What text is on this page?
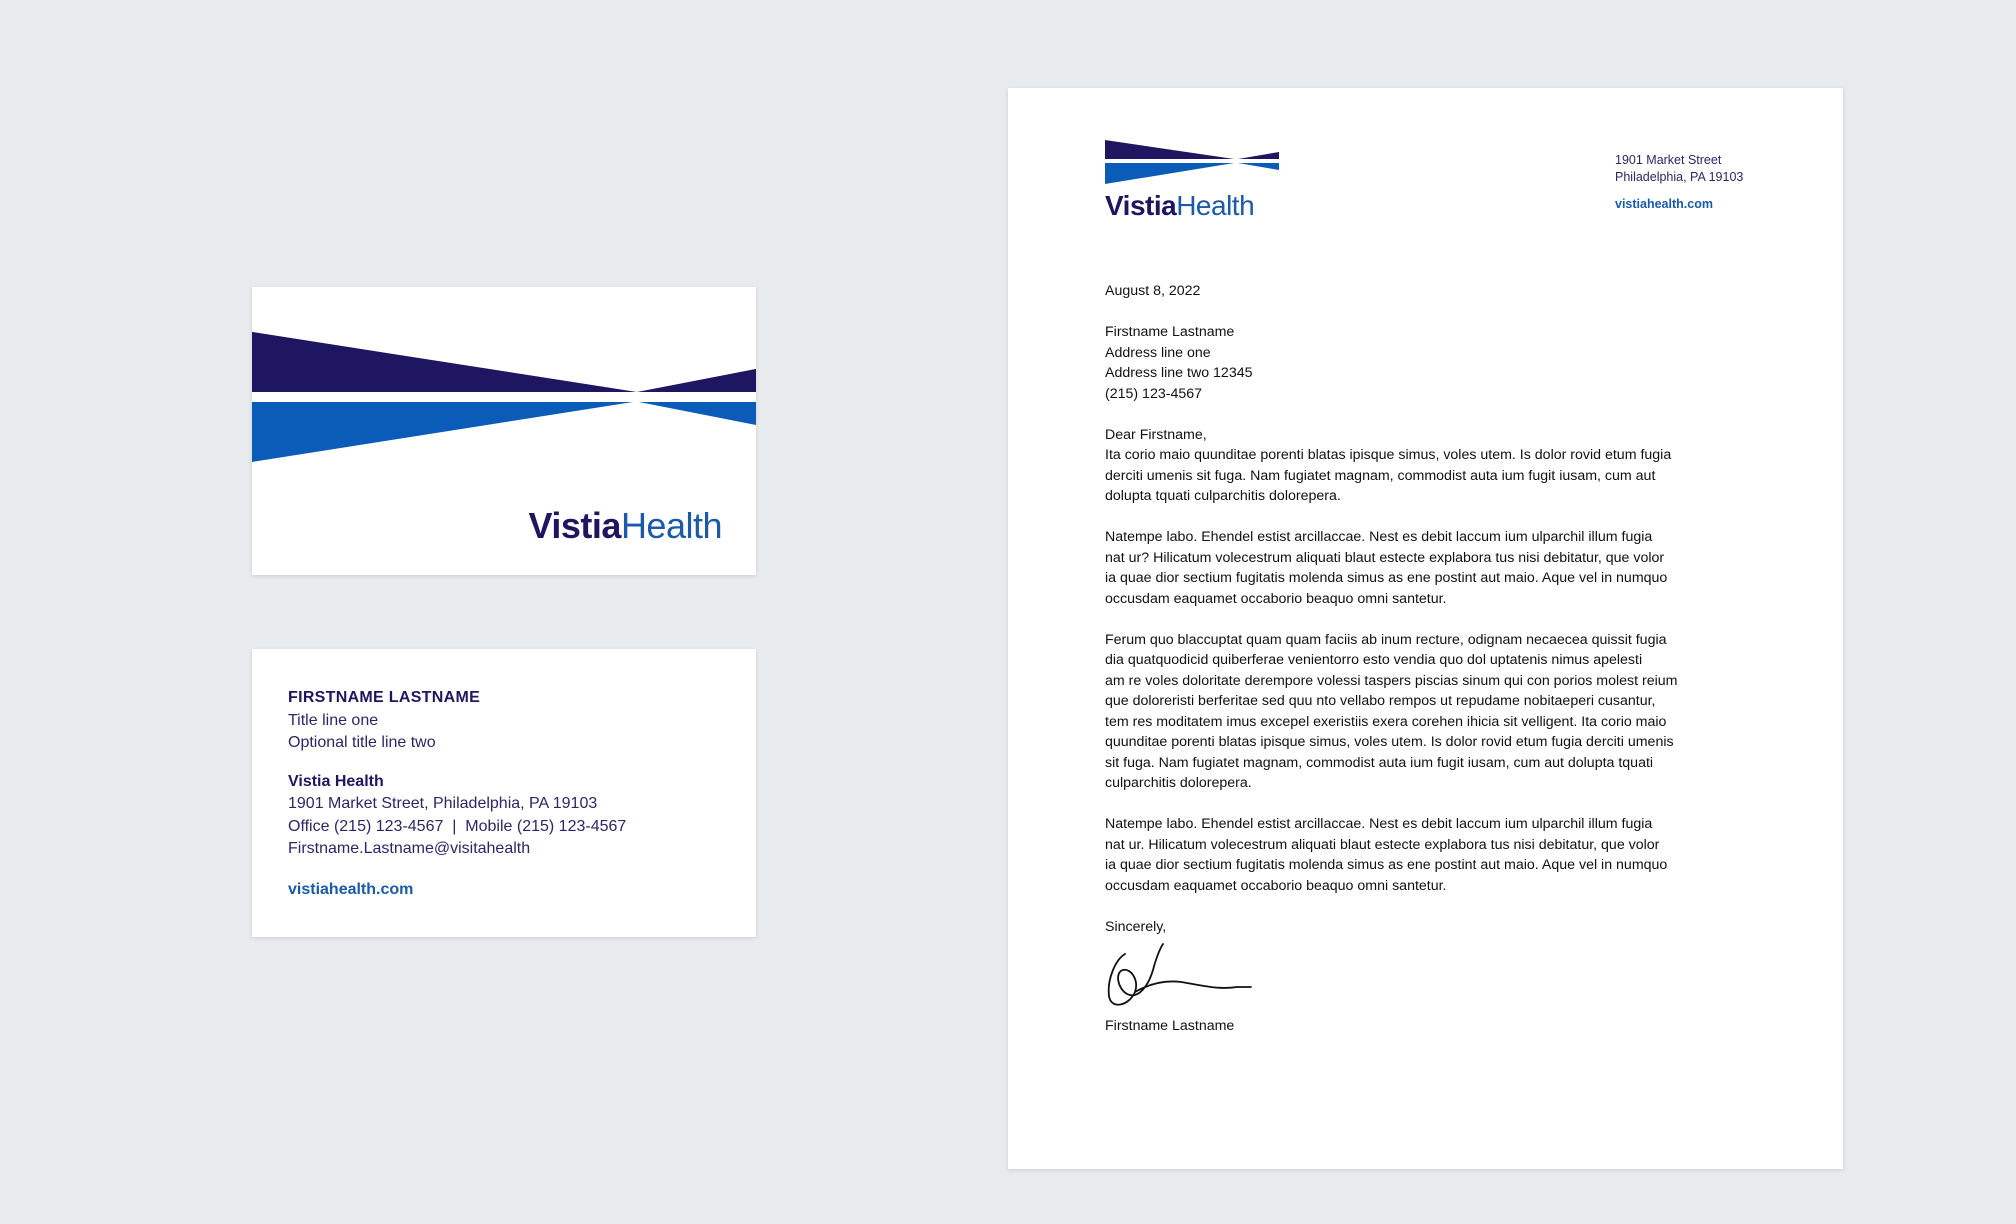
VistiaHealth
FIRSTNAME LASTNAME
Title line one
Optional title line two
Vistia Health
1901 Market Street, Philadelphia, PA 19103
Office (215) 123-4567  |  Mobile (215) 123-4567
Firstname.Lastname@visitahealth
vistiahealth.com
VistiaHealth
1901 Market Street
Philadelphia, PA 19103
vistiahealth.com

August 8, 2022

Firstname Lastname
Address line one
Address line two 12345
(215) 123-4567

Dear Firstname,

Ita corio maio quunditae porenti blatas ipisque simus, voles utem. Is dolor rovid etum fugia
derciti umenis sit fuga. Nam fugiatet magnam, commodist auta ium fugit iusam, cum aut
dolupta tquati culparchitis dolorepera.

Natempe labo. Ehendel estist arcillaccae. Nest es debit laccum ium ulparchil illum fugia
nat ur? Hilicatum volecestrum aliquati blaut estecte explabora tus nisi debitatur, que volor
ia quae dior sectium fugitatis molenda simus as ene postint aut maio. Aque vel in numquo
occusdam eaquamet occaborio beaquo omni santetur.

Ferum quo blaccuptat quam quam faciis ab inum recture, odignam necaecea quissit fugia
dia quatquodicid quiberferae venientorro esto vendia quo dol uptatenis nimus apelesti
am re voles doloritate derempore volessi taspers piscias sinum qui con porios molest reium
que doloreristi berferitae sed quu nto vellabo rempos ut repudame nobitaeperi cusantur,
tem res moditatem imus excepel exeristiis exera corehen ihicia sit velligent. Ita corio maio
quunditae porenti blatas ipisque simus, voles utem. Is dolor rovid etum fugia derciti umenis
sit fuga. Nam fugiatet magnam, commodist auta ium fugit iusam, cum aut dolupta tquati
culparchitis dolorepera.

Natempe labo. Ehendel estist arcillaccae. Nest es debit laccum ium ulparchil illum fugia
nat ur. Hilicatum volecestrum aliquati blaut estecte explabora tus nisi debitatur, que volor
ia quae dior sectium fugitatis molenda simus as ene postint aut maio. Aque vel in numquo
occusdam eaquamet occaborio beaquo omni santetur.

Sincerely,
Firstname Lastname
